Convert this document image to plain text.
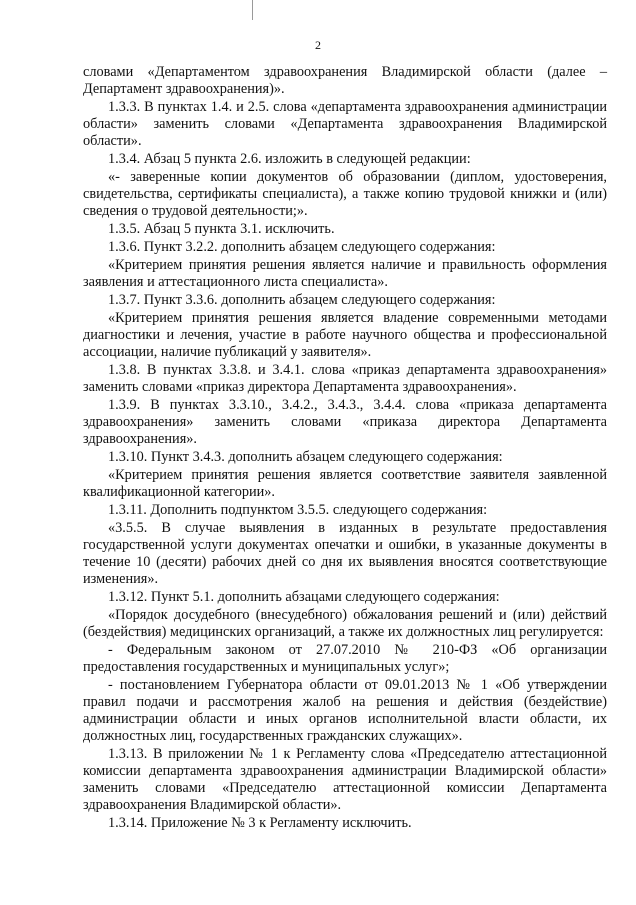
2

словами «Департаментом здравоохранения Владимирской области (далее – Департамент здравоохранения)».

1.3.3. В пунктах 1.4. и 2.5. слова «департамента здравоохранения администрации области» заменить словами «Департамента здравоохранения Владимирской области».

1.3.4. Абзац 5 пункта 2.6. изложить в следующей редакции:

«- заверенные копии документов об образовании (диплом, удостоверения, свидетельства, сертификаты специалиста), а также копию трудовой книжки и (или) сведения о трудовой деятельности;».

1.3.5. Абзац 5 пункта 3.1. исключить.

1.3.6. Пункт 3.2.2. дополнить абзацем следующего содержания:

«Критерием принятия решения является наличие и правильность оформления заявления и аттестационного листа специалиста».

1.3.7. Пункт 3.3.6. дополнить абзацем следующего содержания:

«Критерием принятия решения является владение современными методами диагностики и лечения, участие в работе научного общества и профессиональной ассоциации, наличие публикаций у заявителя».

1.3.8. В пунктах 3.3.8. и 3.4.1. слова «приказ департамента здравоохранения» заменить словами «приказ директора Департамента здравоохранения».

1.3.9. В пунктах 3.3.10., 3.4.2., 3.4.3., 3.4.4. слова «приказа департамента здравоохранения» заменить словами «приказа директора Департамента здравоохранения».

1.3.10. Пункт 3.4.3. дополнить абзацем следующего содержания:

«Критерием принятия решения является соответствие заявителя заявленной квалификационной категории».

1.3.11. Дополнить подпунктом 3.5.5. следующего содержания:

«3.5.5. В случае выявления в изданных в результате предоставления государственной услуги документах опечатки и ошибки, в указанные документы в течение 10 (десяти) рабочих дней со дня их выявления вносятся соответствующие изменения».

1.3.12. Пункт 5.1. дополнить абзацами следующего содержания:

«Порядок досудебного (внесудебного) обжалования решений и (или) действий (бездействия) медицинских организаций, а также их должностных лиц регулируется:

- Федеральным законом от 27.07.2010 № 210-ФЗ «Об организации предоставления государственных и муниципальных услуг»;

- постановлением Губернатора области от 09.01.2013 № 1 «Об утверждении правил подачи и рассмотрения жалоб на решения и действия (бездействие) администрации области и иных органов исполнительной власти области, их должностных лиц, государственных гражданских служащих».

1.3.13. В приложении № 1 к Регламенту слова «Председателю аттестационной комиссии департамента здравоохранения администрации Владимирской области» заменить словами «Председателю аттестационной комиссии Департамента здравоохранения Владимирской области».

1.3.14. Приложение № 3 к Регламенту исключить.
